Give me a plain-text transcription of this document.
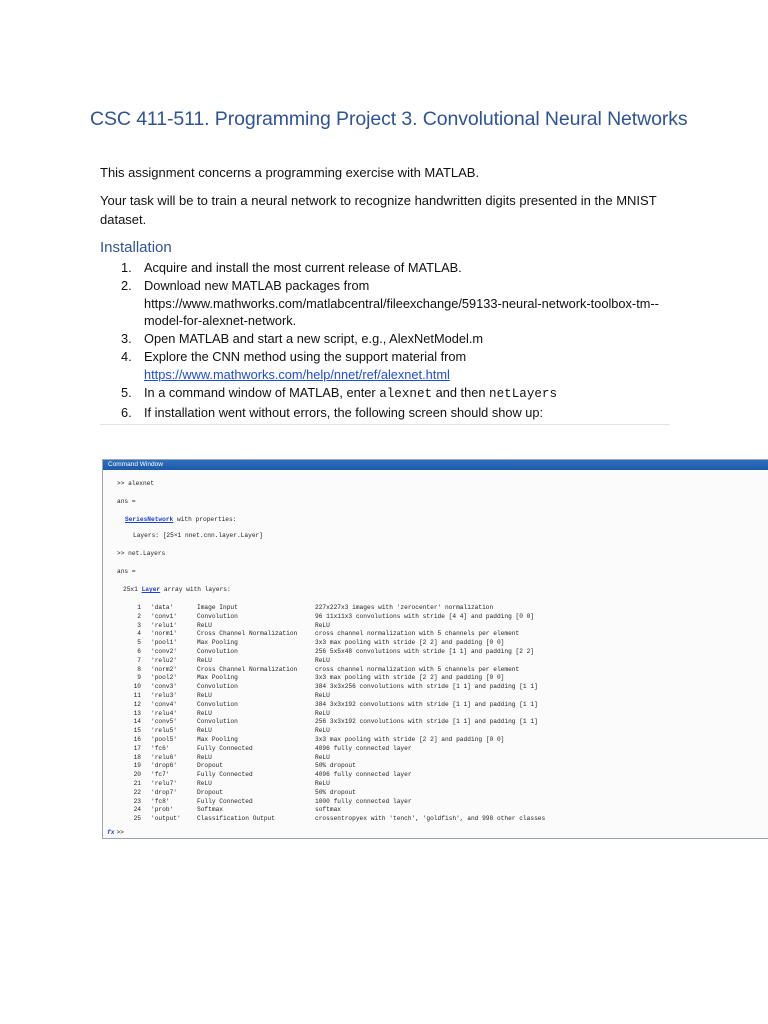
CSC 411-511. Programming Project 3. Convolutional Neural Networks
This assignment concerns a programming exercise with MATLAB.
Your task will be to train a neural network to recognize handwritten digits presented in the MNIST dataset.
Installation
1. Acquire and install the most current release of MATLAB.
2. Download new MATLAB packages from
https://www.mathworks.com/matlabcentral/fileexchange/59133-neural-network-toolbox-tm--model-for-alexnet-network.
3. Open MATLAB and start a new script, e.g., AlexNetModel.m
4. Explore the CNN method using the support material from
https://www.mathworks.com/help/nnet/ref/alexnet.html
5. In a command window of MATLAB, enter alexnet and then netLayers
6. If installation went without errors, the following screen should show up:
Command Window
>> alexnet
ans =
SeriesNetwork with properties:
Layers: [25×1 nnet.cnn.layer.Layer]
>> net.Layers
ans =
25x1 Layer array with layers:
1 'data'	Image Input	227x227x3 images with 'zerocenter' normalization
2 'conv1'	Convolution	96 11x11x3 convolutions with stride [4 4] and padding [0 0]
3 'relu1'	ReLU	ReLU
4 'norm1'	Cross Channel Normalization	cross channel normalization with 5 channels per element
5 'pool1'	Max Pooling	3x3 max pooling with stride [2 2] and padding [0 0]
6 'conv2'	Convolution	256 5x5x48 convolutions with stride [1 1] and padding [2 2]
7 'relu2'	ReLU	ReLU
8 'norm2'	Cross Channel Normalization	cross channel normalization with 5 channels per element
9 'pool2'	Max Pooling	3x3 max pooling with stride [2 2] and padding [0 0]
10 'conv3'	Convolution	384 3x3x256 convolutions with stride [1 1] and padding [1 1]
11 'relu3'	ReLU	ReLU
12 'conv4'	Convolution	384 3x3x192 convolutions with stride [1 1] and padding [1 1]
13 'relu4'	ReLU	ReLU
14 'conv5'	Convolution	256 3x3x192 convolutions with stride [1 1] and padding [1 1]
15 'relu5'	ReLU	ReLU
16 'pool5'	Max Pooling	3x3 max pooling with stride [2 2] and padding [0 0]
17 'fc6'	Fully Connected	4096 fully connected layer
18 'relu6'	ReLU	ReLU
19 'drop6'	Dropout	50% dropout
20 'fc7'	Fully Connected	4096 fully connected layer
21 'relu7'	ReLU	ReLU
22 'drop7'	Dropout	50% dropout
23 'fc8'	Fully Connected	1000 fully connected layer
24 'prob'	Softmax	softmax
25 'output'	Classification Output	crossentropyex with 'tench', 'goldfish', and 998 other classes
fx >>
